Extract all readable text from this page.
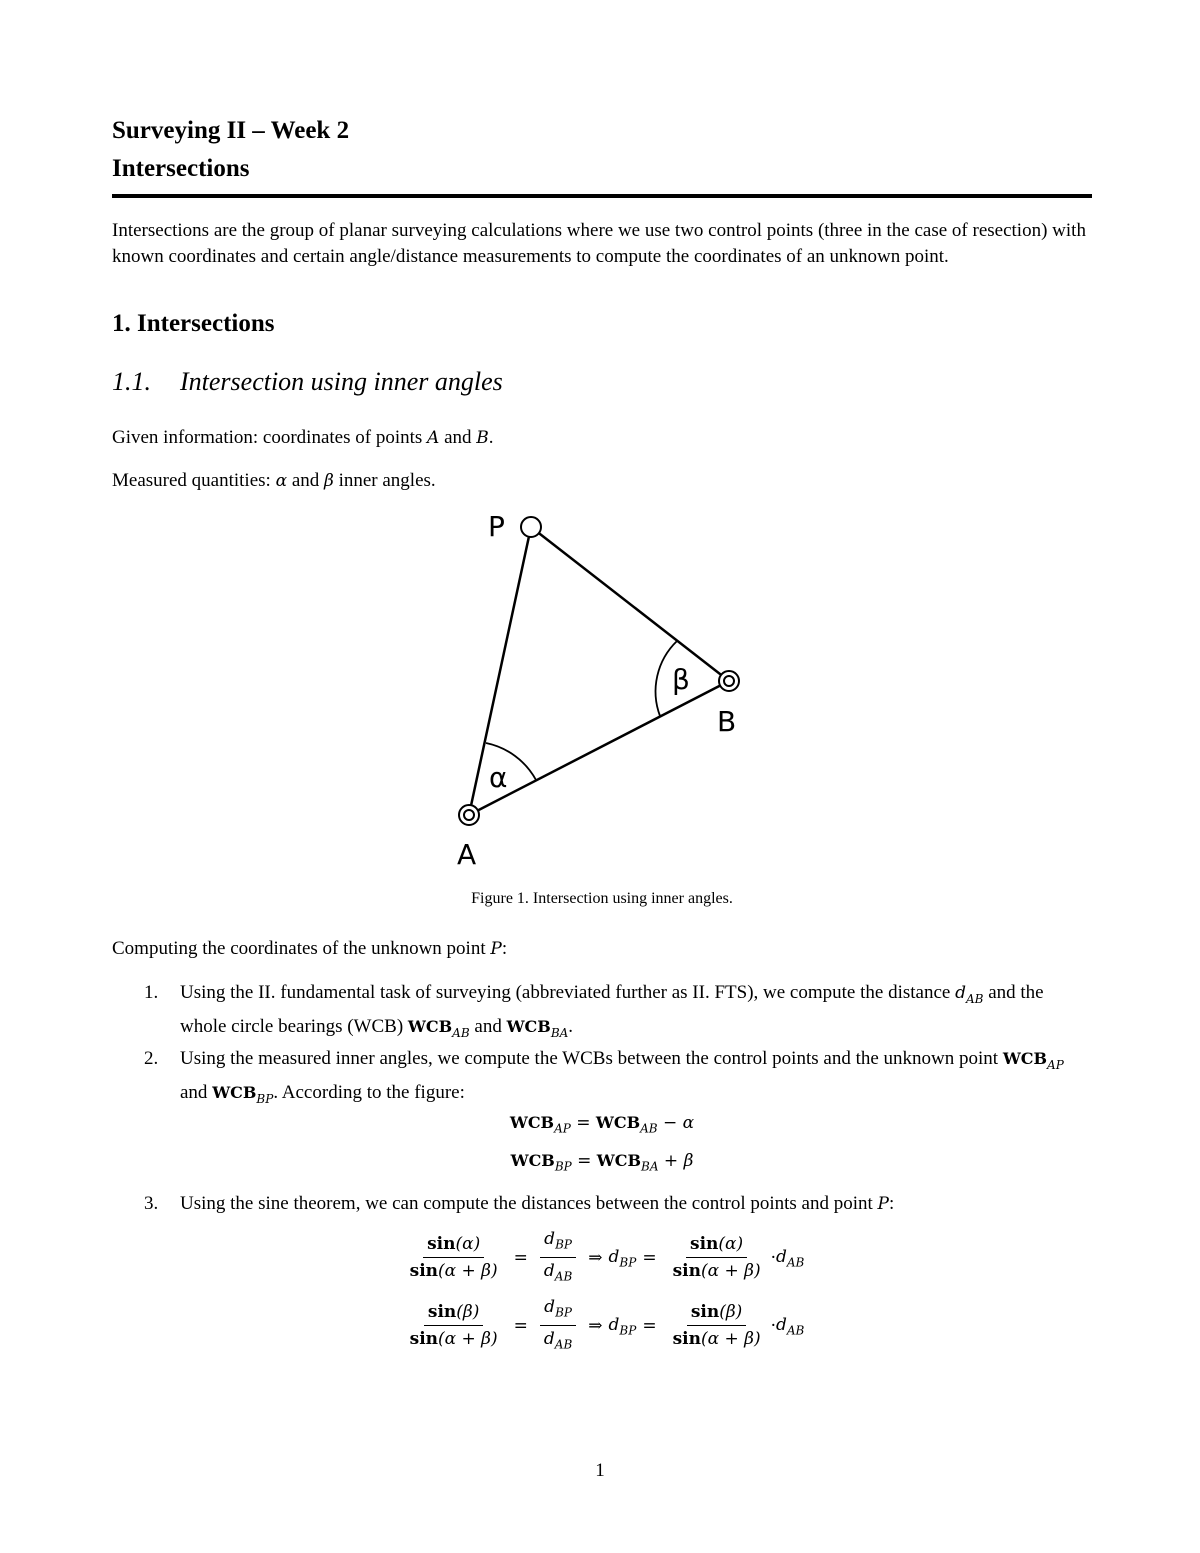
Surveying II – Week 2
Intersections
Intersections are the group of planar surveying calculations where we use two control points (three in the case of resection) with known coordinates and certain angle/distance measurements to compute the coordinates of an unknown point.
1. Intersections
1.1. Intersection using inner angles
Given information: coordinates of points A and B.
Measured quantities: α and β inner angles.
P
B
A
α
β
Figure 1. Intersection using inner angles.
Computing the coordinates of the unknown point P:
1. Using the II. fundamental task of surveying (abbreviated further as II. FTS), we compute the distance $d_{AB}$ and the whole circle bearings (WCB) $WCB_{AB}$ and $WCB_{BA}$.
2. Using the measured inner angles, we compute the WCBs between the control points and the unknown point $WCB_{AP}$ and $WCB_{BP}$. According to the figure:
$WCB_{AP} = WCB_{AB} - \alpha$
$WCB_{BP} = WCB_{BA} + \beta$
3. Using the sine theorem, we can compute the distances between the control points and point P:
$\frac{\sin(\alpha)}{\sin(\alpha + \beta)} = \frac{d_{BP}}{d_{AB}}$ ⇒ $d_{BP} = \frac{\sin(\alpha)}{\sin(\alpha + \beta)} \cdot d_{AB}$
$\frac{\sin(\beta)}{\sin(\alpha + \beta)} = \frac{d_{BP}}{d_{AB}}$ ⇒ $d_{BP} = \frac{\sin(\beta)}{\sin(\alpha + \beta)} \cdot d_{AB}$
1
